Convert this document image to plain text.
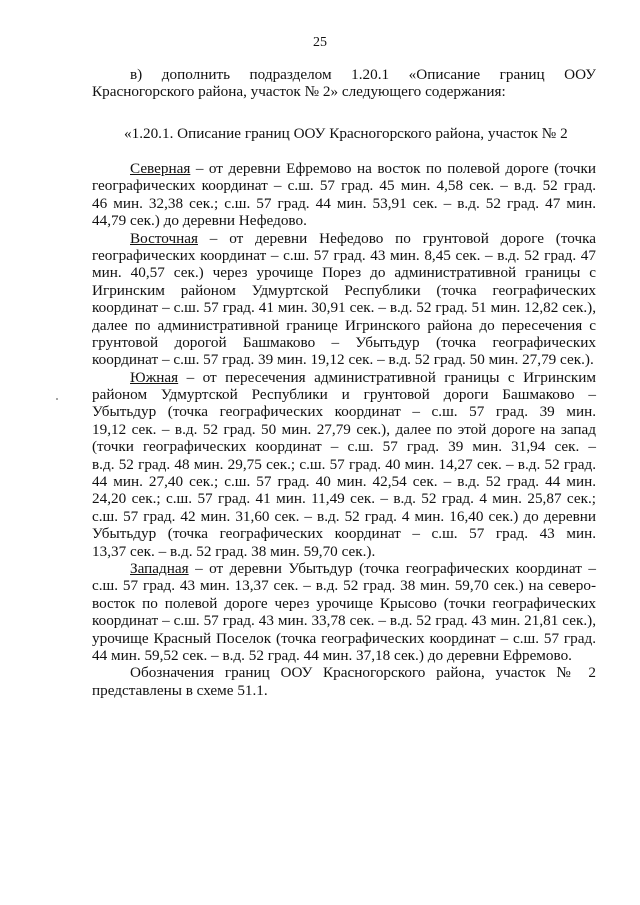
25
в) дополнить подразделом 1.20.1 «Описание границ ООУ
Красногорского района, участок № 2» следующего содержания:
«1.20.1. Описание границ ООУ Красногорского района, участок № 2
Северная – от деревни Ефремово на восток по полевой дороге (точки
географических координат – с.ш. 57 град. 45 мин. 4,58 сек. – в.д. 52 град.
46 мин. 32,38 сек.; с.ш. 57 град. 44 мин. 53,91 сек. – в.д. 52 град. 47 мин.
44,79 сек.) до деревни Нефедово.
Восточная – от деревни Нефедово по грунтовой дороге (точка
географических координат – с.ш. 57 град. 43 мин. 8,45 сек. – в.д. 52 град. 47
мин. 40,57 сек.) через урочище Порез до административной границы с
Игринским районом Удмуртской Республики (точка географических
координат – с.ш. 57 град. 41 мин. 30,91 сек. – в.д. 52 град. 51 мин. 12,82 сек.),
далее по административной границе Игринского района до пересечения с
грунтовой дорогой Башмаково – Убытьдур (точка географических
координат – с.ш. 57 град. 39 мин. 19,12 сек. – в.д. 52 град. 50 мин. 27,79 сек.).
Южная – от пересечения административной границы с Игринским
районом Удмуртской Республики и грунтовой дороги Башмаково –
Убытьдур (точка географических координат – с.ш. 57 град. 39 мин.
19,12 сек. – в.д. 52 град. 50 мин. 27,79 сек.), далее по этой дороге на запад
(точки географических координат – с.ш. 57 град. 39 мин. 31,94 сек. –
в.д. 52 град. 48 мин. 29,75 сек.; с.ш. 57 град. 40 мин. 14,27 сек. – в.д. 52 град.
44 мин. 27,40 сек.; с.ш. 57 град. 40 мин. 42,54 сек. – в.д. 52 град. 44 мин.
24,20 сек.; с.ш. 57 град. 41 мин. 11,49 сек. – в.д. 52 град. 4 мин. 25,87 сек.;
с.ш. 57 град. 42 мин. 31,60 сек. – в.д. 52 град. 4 мин. 16,40 сек.) до деревни
Убытьдур (точка географических координат – с.ш. 57 град. 43 мин.
13,37 сек. – в.д. 52 град. 38 мин. 59,70 сек.).
Западная – от деревни Убытьдур (точка географических координат –
с.ш. 57 град. 43 мин. 13,37 сек. – в.д. 52 град. 38 мин. 59,70 сек.) на северо-
восток по полевой дороге через урочище Крысово (точки географических
координат – с.ш. 57 град. 43 мин. 33,78 сек. – в.д. 52 град. 43 мин. 21,81 сек.),
урочище Красный Поселок (точка географических координат – с.ш. 57 град.
44 мин. 59,52 сек. – в.д. 52 град. 44 мин. 37,18 сек.) до деревни Ефремово.
Обозначения границ ООУ Красногорского района, участок № 2
представлены в схеме 51.1.
